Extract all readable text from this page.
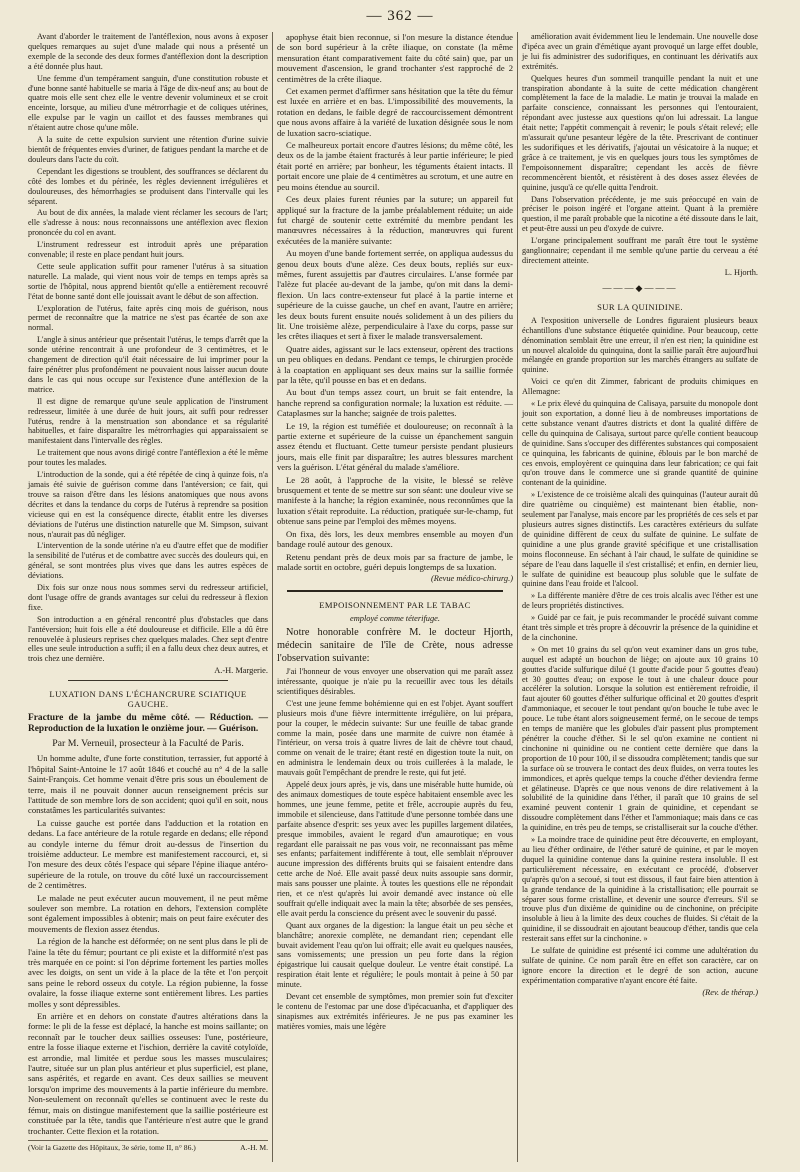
— 362 —

Avant d'aborder le traitement de l'antéflexion, nous avons à exposer quelques remarques au sujet d'une malade qui nous a présenté un exemple de la seconde des deux formes d'antéflexion dont la description a été donnée plus haut.

Une femme d'un tempérament sanguin, d'une constitution robuste et d'une bonne santé habituelle se maria à l'âge de dix-neuf ans; au bout de quatre mois elle sent chez elle le ventre devenir volumineux et se croit enceinte, lorsque, au milieu d'une métrorrhagie et de coliques utérines, elle expulse par le vagin un caillot et des fausses membranes qui n'étaient autre chose qu'une môle.

A la suite de cette expulsion survient une rétention d'urine suivie bientôt de fréquentes envies d'uriner, de fatigues pendant la marche et de douleurs dans l'acte du coït.

Cependant les digestions se troublent, des souffrances se déclarent du côté des lombes et du périnée, les règles deviennent irrégulières et douloureuses, des hémorrhagies se produisent dans l'intervalle qui les séparent.

Au bout de dix années, la malade vient réclamer les secours de l'art; elle s'adresse à nous: nous reconnaissons une antéflexion avec flexion prononcée du col en avant.

L'instrument redresseur est introduit après une préparation convenable; il reste en place pendant huit jours.

Cette seule application suffit pour ramener l'utérus à sa situation naturelle. La malade, qui vient nous voir de temps en temps après sa sortie de l'hôpital, nous apprend bientôt qu'elle a entièrement recouvré l'état de bonne santé dont elle jouissait avant le début de son affection.

L'exploration de l'utérus, faite après cinq mois de guérison, nous permet de reconnaître que la matrice ne s'est pas écartée de son axe normal.

L'angle à sinus antérieur que présentait l'utérus, le temps d'arrêt que la sonde utérine rencontrait à une profondeur de 3 centimètres, et le changement de direction qu'il était nécessaire de lui imprimer pour la faire pénétrer plus profondément ne pouvaient nous laisser aucun doute dans le cas qui nous occupe sur l'existence d'une antéflexion de la matrice.

Il est digne de remarque qu'une seule application de l'instrument redresseur, limitée à une durée de huit jours, ait suffi pour redresser l'utérus, rendre à la menstruation son abondance et sa régularité habituelles, et faire disparaître les métrorrhagies qui apparaissaient se manifestaient dans l'intervalle des règles.

Le traitement que nous avons dirigé contre l'antéflexion a été le même pour toutes les malades.

L'introduction de la sonde, qui a été répétée de cinq à quinze fois, n'a jamais été suivie de guérison comme dans l'antéversion; ce fait, qui trouve sa raison d'être dans les lésions anatomiques que nous avons décrites et dans la tendance du corps de l'utérus à reprendre sa position vicieuse qui en est la conséquence directe, établit entre les diverses déviations de l'utérus une distinction naturelle que M. Simpson, suivant nous, n'aurait pas dû négliger.

L'intervention de la sonde utérine n'a eu d'autre effet que de modifier la sensibilité de l'utérus et de combattre avec succès des douleurs qui, en général, se sont montrées plus vives que dans les autres espèces de déviations.

Dix fois sur onze nous nous sommes servi du redresseur artificiel, dont l'usage offre de grands avantages sur celui du redresseur à flexion fixe.

Son introduction a en général rencontré plus d'obstacles que dans l'antéversion; huit fois elle a été douloureuse et difficile. Elle a dû être renouvelée à plusieurs reprises chez quelques malades. Chez sept d'entre elles une seule introduction a suffi; il en a fallu deux chez deux autres, et trois chez une dernière.

A.-H. Margerie.
LUXATION DANS L'ÉCHANCRURE SCIATIQUE GAUCHE.
Fracture de la jambe du même côté. — Réduction. — Reproduction de la luxation le onzième jour. — Guérison.
Par M. Verneuil, prosecteur à la Faculté de Paris.

Un homme adulte, d'une forte constitution, terrassier, fut apporté à l'hôpital Saint-Antoine le 17 août 1846 et couché au n° 4 de la salle Saint-François. Cet homme venait d'être pris sous un éboulement de terre, mais il ne pouvait donner aucun renseignement précis sur l'attitude de son membre lors de son accident; quoi qu'il en soit, nous constatâmes les particularités suivantes:

La cuisse gauche est portée dans l'adduction et la rotation en dedans. La face antérieure de la rotule regarde en dedans; elle répond au condyle interne du fémur droit au-dessus de l'insertion du troisième adducteur. Le membre est manifestement raccourci, et, si l'on mesure des deux côtés l'espace qui sépare l'épine iliaque antéro-supérieure de la rotule, on trouve du côté luxé un raccourcissement de 2 centimètres.

Le malade ne peut exécuter aucun mouvement, il ne peut même soulever son membre. La rotation en dehors, l'extension complète sont également impossibles à obtenir; mais on peut faire exécuter des mouvements de flexion assez étendus.

La région de la hanche est déformée; on ne sent plus dans le pli de l'aine la tête du fémur; pourtant ce pli existe et la difformité n'est pas très marquée en ce point: si l'on déprime fortement les parties molles avec les doigts, on sent un vide à la place de la tête et l'on perçoit sans peine le rebord osseux du cotyle. La région pubienne, la fosse ovalaire, la fosse iliaque externe sont entièrement libres. Les parties molles y sont dépressibles.

En arrière et en dehors on constate d'autres altérations dans la forme: le pli de la fesse est déplacé, la hanche est moins saillante; on reconnaît par le toucher deux saillies osseuses: l'une, postérieure, entre la fosse iliaque externe et l'ischion, derrière la cavité cotyloïde, est arrondie, mal limitée et perdue sous les masses musculaires; l'autre, située sur un plan plus antérieur et plus superficiel, est plane, sans aspérités, et regarde en avant. Ces deux saillies se meuvent lorsqu'on imprime des mouvements à la partie inférieure du membre. Non-seulement on reconnaît qu'elles se continuent avec le reste du fémur, mais on distingue manifestement que la saillie postérieure est constituée par la tête, tandis que l'antérieure n'est autre que le grand trochanter. Cette flexion et la rotation.

(Voir la Gazette des Hôpitaux, 3e série, tome II, n° 86.)	A.-H. M.

apophyse était bien reconnue, si l'on mesure la distance étendue de son bord supérieur à la crête iliaque, on constate (la même mensuration étant comparativement faite du côté sain) que, par un mouvement d'ascension, le grand trochanter s'est rapproché de 2 centimètres de la crête iliaque.

Cet examen permet d'affirmer sans hésitation que la tête du fémur est luxée en arrière et en bas. L'impossibilité des mouvements, la rotation en dedans, le faible degré de raccourcissement démontrent que nous avons affaire à la variété de luxation désignée sous le nom de luxation sacro-sciatique.

Ce malheureux portait encore d'autres lésions; du même côté, les deux os de la jambe étaient fracturés à leur partie inférieure; le pied était porté en arrière; par bonheur, les téguments étaient intacts. Il portait encore une plaie de 4 centimètres au scrotum, et une autre en peu moins étendue au sourcil.

Ces deux plaies furent réunies par la suture; un appareil fut appliqué sur la fracture de la jambe préalablement réduite; un aide fut chargé de soutenir cette extrémité du membre pendant les manœuvres nécessaires à la réduction, manœuvres qui furent exécutées de la manière suivante:

Au moyen d'une bande fortement serrée, on appliqua audessus du genou deux bouts d'une alèze. Ces deux bouts, repliés sur eux-mêmes, furent assujettis par d'autres circulaires. L'anse formée par l'alèze fut placée au-devant de la jambe, qu'on mit dans la demi-flexion. Un lacs contre-extenseur fut placé à la partie interne et supérieure de la cuisse gauche, un chef en avant, l'autre en arrière; les deux bouts furent ensuite noués solidement à un des piliers du lit. Une troisième alèze, perpendiculaire à l'axe du corps, passe sur les crêtes iliaques et sert à fixer le malade transversalement.

Quatre aides, agissant sur le lacs extenseur, opèrent des tractions un peu obliques en dedans. Pendant ce temps, le chirurgien procède à la coaptation en appliquant ses deux mains sur la saillie formée par la tête, qu'il pousse en bas et en dedans.

Au bout d'un temps assez court, un bruit se fait entendre, la hanche reprend sa configuration normale; la luxation est réduite. — Cataplasmes sur la hanche; saignée de trois palettes.

Le 19, la région est tuméfiée et douloureuse; on reconnaît à la partie externe et supérieure de la cuisse un épanchement sanguin assez étendu et fluctuant. Cette tumeur persiste pendant plusieurs jours, mais elle finit par disparaître; les autres blessures marchent vers la guérison. L'état général du malade s'améliore.

Le 28 août, à l'approche de la visite, le blessé se relève brusquement et tente de se mettre sur son séant: une douleur vive se manifeste à la hanche; la région examinée, nous reconnûmes que la luxation s'était reproduite. La réduction, pratiquée sur-le-champ, fut obtenue sans peine par l'emploi des mêmes moyens.

On fixa, dès lors, les deux membres ensemble au moyen d'un bandage roulé autour des genoux.

Retenu pendant près de deux mois par sa fracture de jambe, le malade sortit en octobre, guéri depuis longtemps de sa luxation.

(Revue médico-chirurg.)
EMPOISONNEMENT PAR LE TABAC
employé comme téterifuge.

Notre honorable confrère M. le docteur Hjorth, médecin sanitaire de l'île de Crète, nous adresse l'observation suivante:

J'ai l'honneur de vous envoyer une observation qui me paraît assez intéressante, quoique je n'aie pu la recueillir avec tous les détails scientifiques désirables.

C'est une jeune femme bohémienne qui en est l'objet. Ayant souffert plusieurs mois d'une fièvre intermittente irrégulière, on lui prépara, pour la couper, le médecin suivante: Sur une feuille de tabac grande comme la main, posée dans une marmite de cuivre non étamée à l'intérieur, on versa trois à quatre livres de lait de chèvre tout chaud, comme on venait de le traire; étant resté en digestion toute la nuit, on en administra le lendemain deux ou trois cuillerées à la malade, le mauvais goût l'empêchant de prendre le reste, qui fut jeté.

Appelé deux jours après, je vis, dans une misérable hutte humide, où des animaux domestiques de toute espèce habitaient ensemble avec les hommes, une jeune femme, petite et frêle, accroupie auprès du feu, immobile et silencieuse, dans l'attitude d'une personne tombée dans une parfaite absence d'esprit: ses yeux avec les pupilles largement dilatées, presque immobiles, avaient le regard d'un amaurotique; en vous regardant elle paraissait ne pas vous voir, ne reconnaissant pas même ses enfants; parfaitement indifférente à tout, elle semblait n'éprouver aucune impression des différents bruits qui se faisaient entendre dans cette arche de Noé. Elle avait passé deux nuits assoupie sans dormir, mais sans pousser une plainte. À toutes les questions elle ne répondait rien, et ce n'est qu'après lui avoir demandé avec instance où elle souffrait qu'elle indiquait avec la main la tête; absorbée de ses pensées, elle avait perdu la conscience du présent avec le souvenir du passé.

Quant aux organes de la digestion: la langue était un peu sèche et blanchâtre; anorexie complète, ne demandant rien; cependant elle buvait avidement l'eau qu'on lui offrait; elle avait eu quelques nausées, sans vomissements; une pression un peu forte dans la région épigastrique lui causait quelque douleur. Le ventre était constipé. La respiration était lente et régulière; le pouls montait à peine à 50 par minute.

Devant cet ensemble de symptômes, mon premier soin fut d'exciter le contenu de l'estomac par une dose d'ipécacuanha, et d'appliquer des sinapismes aux extrémités inférieures. Je ne pus pas examiner les matières vomies, mais une légère

amélioration avait évidemment lieu le lendemain. Une nouvelle dose d'ipéca avec un grain d'émétique ayant provoqué un large effet double, je lui fis administrer des sudorifiques, en continuant les dérivatifs aux extrémités.

Quelques heures d'un sommeil tranquille pendant la nuit et une transpiration abondante à la suite de cette médication changèrent complètement la face de la maladie. Le matin je trouvai la malade en parfaite conscience, connaissant les personnes qui l'entouraient, répondant avec justesse aux questions qu'on lui adressait. La langue était nette; l'appétit commençait à revenir; le pouls s'était relevé; elle m'assurait qu'une pesanteur légère de la tête. Prescrivant de continuer les sudorifiques et les dérivatifs, j'ajoutai un vésicatoire à la nuque; et grâce à ce traitement, je vis en quelques jours tous les symptômes de l'empoisonnement disparaître; cependant les accès de fièvre recommencèrent bientôt, et résistèrent à des doses assez élevées de quinine, jusqu'à ce qu'elle quitta l'endroit.

Dans l'observation précédente, je me suis préoccupé en vain de préciser le poison ingéré et l'organe atteint. Quant à la première question, il me paraît probable que la nicotine a été dissoute dans le lait, et peut-être aussi un peu d'oxyde de cuivre.

L'organe principalement souffrant me paraît être tout le système ganglionnaire; cependant il me semble qu'une partie du cerveau a été directement atteinte.

L. Hjorth.
———◆———
SUR LA QUINIDINE.

A l'exposition universelle de Londres figuraient plusieurs beaux échantillons d'une substance étiquetée quinidine. Pour beaucoup, cette dénomination semblait être une erreur, il n'en est rien; la quinidine est un nouvel alcaloïde du quinquina, dont la saillie paraît être aujourd'hui mélangée en grande proportion sur les marchés étrangers au sulfate de quinine.

Voici ce qu'en dit Zimmer, fabricant de produits chimiques en Allemagne:

« Le prix élevé du quinquina de Calisaya, parsuite du monopole dont jouit son exportation, a donné lieu à de nombreuses importations de cette substance venant d'autres districts et dont la qualité diffère de celle du quinquina de Calisaya, surtout parce qu'elle contient beaucoup de quinidine. Sans s'occuper des différentes substances qui composaient ce quinquina, les fabricants de quinine, éblouis par le bon marché de ces envois, employèrent ce quinquina dans leur fabrication; ce qui fait qu'on trouve dans le commerce une si grande quantité de quinine contenant de la quinidine.

» L'existence de ce troisième alcali des quinquinas (l'auteur aurait dû dire quatrième ou cinquième) est maintenant bien établie, non-seulement par l'analyse, mais encore par les propriétés de ces sels et par plusieurs autres signes distinctifs. Les caractères extérieurs du sulfate de quinidine diffèrent de ceux du sulfate de quinine. Le sulfate de quinidine a une plus grande gravité spécifique et une cristallisation moins floconneuse. En séchant à l'air chaud, le sulfate de quinidine se sépare de l'eau dans laquelle il s'est cristallisé; et enfin, en dernier lieu, le sulfate de quinidine est beaucoup plus soluble que le sulfate de quinine dans l'eau froide et l'alcool.

» La différente manière d'être de ces trois alcalis avec l'éther est une de leurs propriétés distinctives.

» Guidé par ce fait, je puis recommander le procédé suivant comme étant très simple et très propre à découvrir la présence de la quinidine et de la cinchonine.

» On met 10 grains du sel qu'on veut examiner dans un gros tube, auquel est adapté un bouchon de liège; on ajoute aux 10 grains 10 gouttes d'acide sulfurique dilué (1 goutte d'acide pour 5 gouttes d'eau) et 30 gouttes d'eau; on expose le tout à une chaleur douce pour accélérer la solution. Lorsque la solution est entièrement refroidie, il faut ajouter 60 gouttes d'éther sulfurique officinal et 20 gouttes d'esprit d'ammoniaque, et secouer le tout pendant qu'on bouche le tube avec le pouce. Le tube étant alors soigneusement fermé, on le secoue de temps en temps de manière que les globules d'air passent plus promptement pénétrer la couche d'éther. Si le sel qu'on examine ne contient ni cinchonine ni quinidine ou ne contient cette dernière que dans la proportion de 10 pour 100, il se dissoudra complètement; tandis que sur la surface où se trouvera le contact des deux fluides, on verra toutes les immondices, et après quelque temps la couche d'éther deviendra ferme et gélatineuse. D'après ce que nous venons de dire relativement à la solubilité de la quinidine dans l'éther, il paraît que 10 grains de sel examiné peuvent contenir 1 grain de quinidine, et cependant se dissoudre complètement dans l'éther et l'ammoniaque; mais dans ce cas la quinidine, en très peu de temps, se cristalliserait sur la couche d'éther.

» La moindre trace de quinidine peut être découverte, en employant, au lieu d'éther ordinaire, de l'éther saturé de quinine, et par le moyen duquel la quinidine contenue dans la quinine restera insoluble. Il est particulièrement nécessaire, en exécutant ce procédé, d'observer qu'après qu'on a secoué, si tout est dissous, il faut faire bien attention à la grande tendance de la quinidine à la cristallisation; elle pourrait se séparer sous forme cristalline, et devenir une source d'erreurs. S'il se trouve plus d'un dixième de quinidine ou de cinchonine, on précipite insoluble à lieu à la limite des deux couches de fluides. Si c'était de la quinidine, il se dissoudrait en ajoutant beaucoup d'éther, tandis que cela resterait sans effet sur la cinchonine. »

Le sulfate de quinidine est présenté ici comme une adultération du sulfate de quinine. Ce nom paraît être en effet son caractère, car on ignore encore la direction et le degré de son action, aucune expérimentation comparative n'ayant encore été faite.

(Rev. de thérap.)
